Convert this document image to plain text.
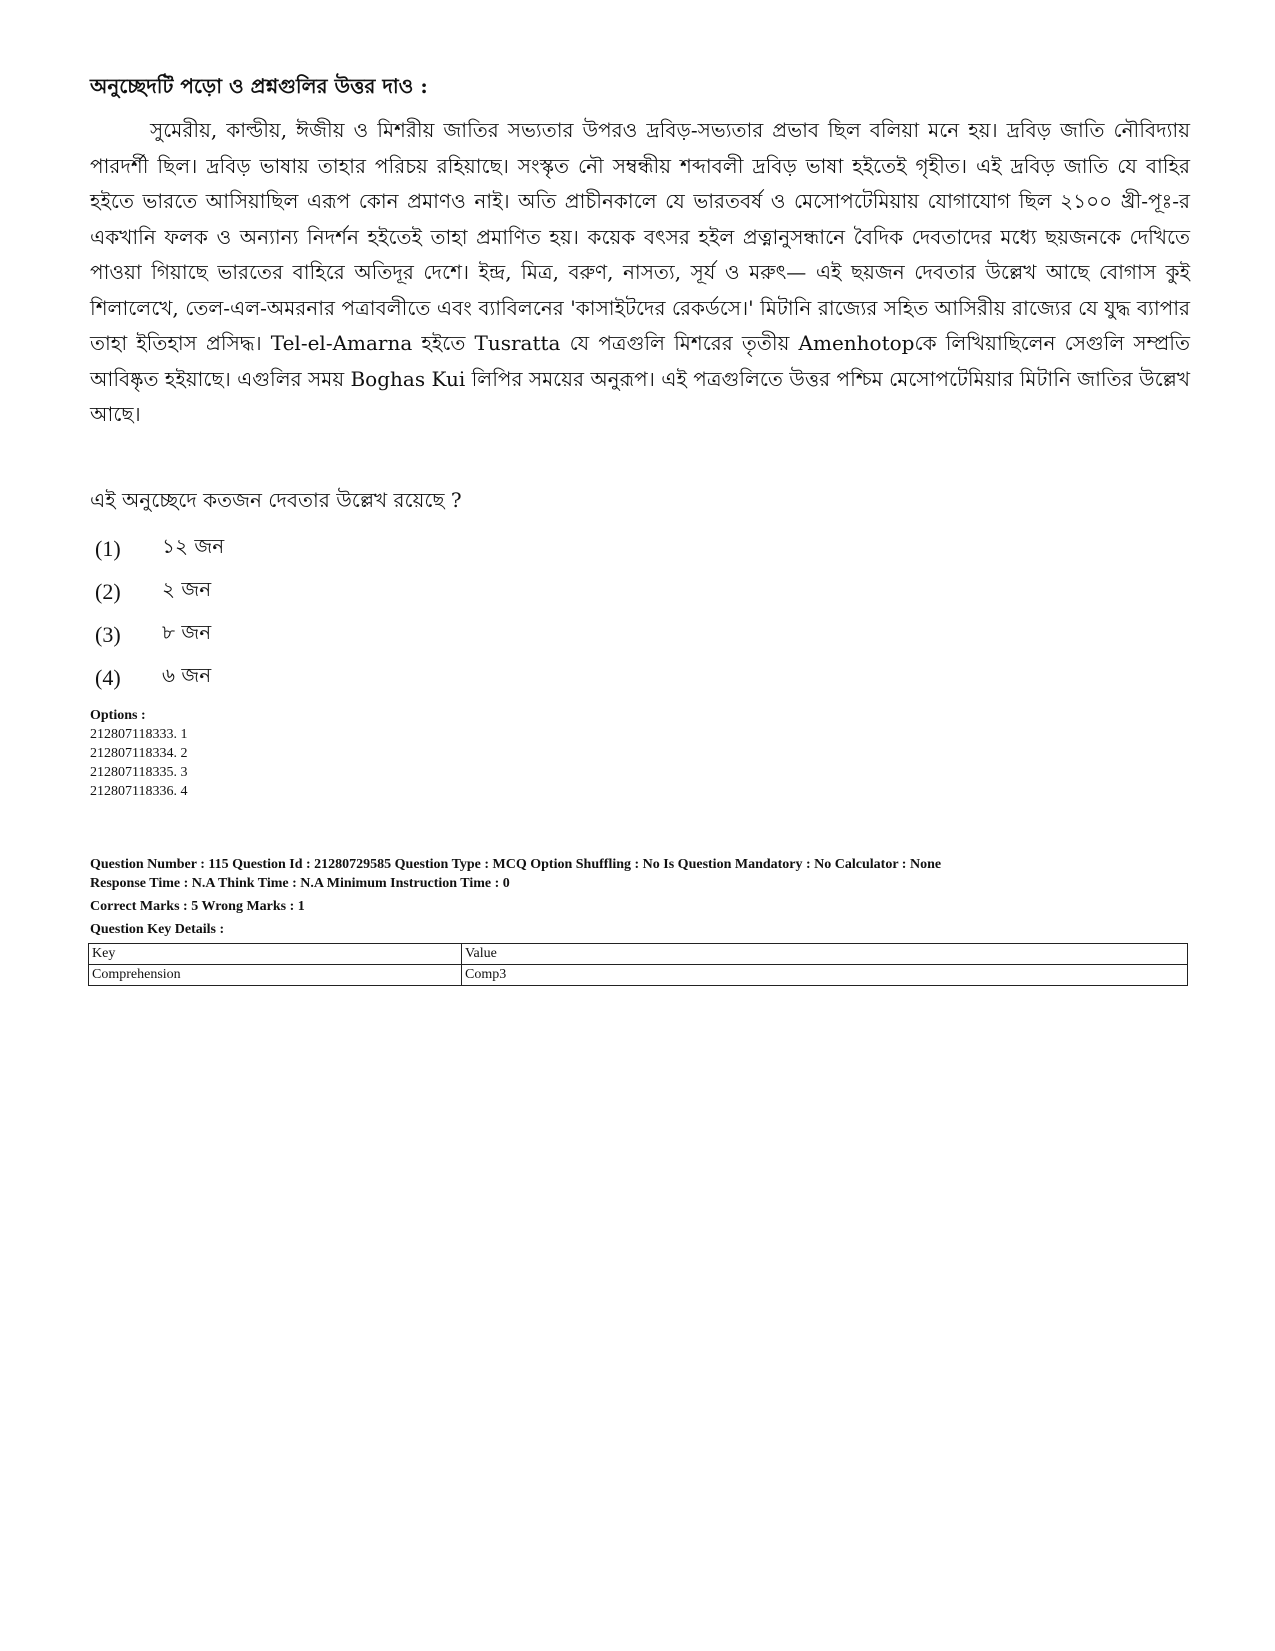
অনুচ্ছেদটি পড়ো ও প্রশ্নগুলির উত্তর দাও :

সুমেরীয়, কাল্ডীয়, ঈজীয় ও মিশরীয় জাতির সভ্যতার উপরও দ্রবিড়-সভ্যতার প্রভাব ছিল বলিয়া মনে হয়। দ্রবিড় জাতি নৌবিদ্যায় পারদর্শী ছিল। দ্রবিড় ভাষায় তাহার পরিচয় রহিয়াছে। সংস্কৃত নৌ সম্বন্ধীয় শব্দাবলী দ্রবিড় ভাষা হইতেই গৃহীত। এই দ্রবিড় জাতি যে বাহির হইতে ভারতে আসিয়াছিল এরূপ কোন প্রমাণও নাই। অতি প্রাচীনকালে যে ভারতবর্ষ ও মেসোপটেমিয়ায় যোগাযোগ ছিল ২১০০ খ্রী-পূঃ-র একখানি ফলক ও অন্যান্য নিদর্শন হইতেই তাহা প্রমাণিত হয়। কয়েক বৎসর হইল প্রত্নানুসন্ধানে বৈদিক দেবতাদের মধ্যে ছয়জনকে দেখিতে পাওয়া গিয়াছে ভারতের বাহিরে অতিদূর দেশে। ইন্দ্র, মিত্র, বরুণ, নাসত্য, সূর্য ও মরুৎ— এই ছয়জন দেবতার উল্লেখ আছে বোগাস কুই শিলালেখে, তেল-এল-অমরনার পত্রাবলীতে এবং ব্যাবিলনের 'কাসাইটদের রেকর্ডসে।' মিটানি রাজ্যের সহিত আসিরীয় রাজ্যের যে যুদ্ধ ব্যাপার তাহা ইতিহাস প্রসিদ্ধ। Tel-el-Amarna হইতে Tusratta যে পত্রগুলি মিশরের তৃতীয় Amenhotopকে লিখিয়াছিলেন সেগুলি সম্প্রতি আবিষ্কৃত হইয়াছে। এগুলির সময় Boghas Kui লিপির সময়ের অনুরূপ। এই পত্রগুলিতে উত্তর পশ্চিম মেসোপটেমিয়ার মিটানি জাতির উল্লেখ আছে।

এই অনুচ্ছেদে কতজন দেবতার উল্লেখ রয়েছে ?

(1)	১২ জন
(2)	২ জন
(3)	৮ জন
(4)	৬ জন
Options :
212807118333. 1
212807118334. 2
212807118335. 3
212807118336. 4

Question Number : 115 Question Id : 21280729585 Question Type : MCQ Option Shuffling : No Is Question Mandatory : No Calculator : None

Response Time : N.A Think Time : N.A Minimum Instruction Time : 0

Correct Marks : 5 Wrong Marks : 1

Question Key Details :

Key	Value
Comprehension	Comp3
